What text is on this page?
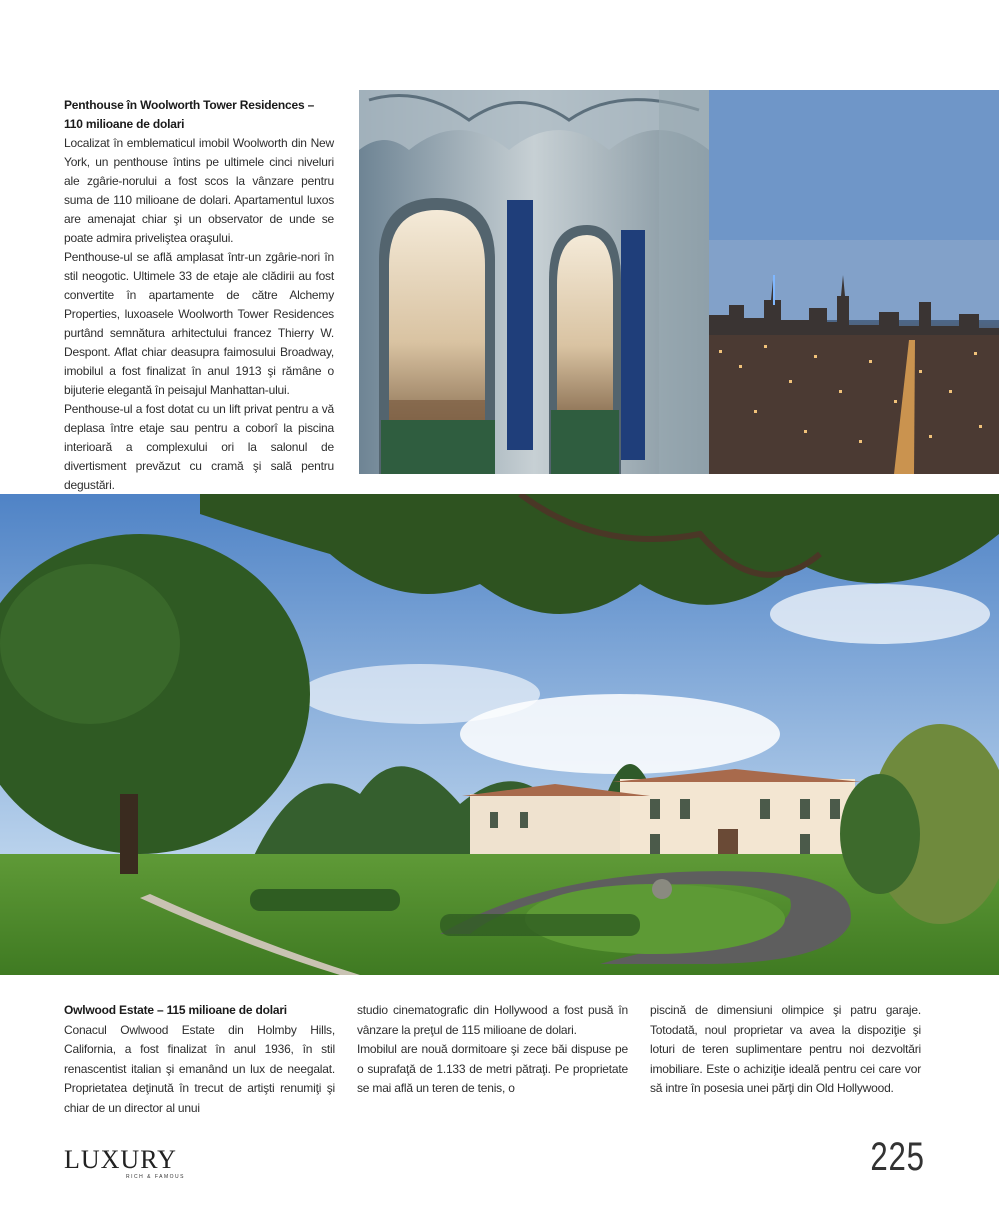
Penthouse în Woolworth Tower Residences – 110 milioane de dolari

Localizat în emblematicul imobil Woolworth din New York, un penthouse întins pe ultimele cinci niveluri ale zgârie-norului a fost scos la vânzare pentru suma de 110 milioane de dolari. Apartamentul luxos are amenajat chiar şi un observator de unde se poate admira priveliştea oraşului.

Penthouse-ul se află amplasat într-un zgârie-nori în stil neogotic. Ultimele 33 de etaje ale clădirii au fost convertite în apartamente de către Alchemy Properties, luxoasele Woolworth Tower Residences purtând semnătura arhitectului francez Thierry W. Despont. Aflat chiar deasupra faimosului Broadway, imobilul a fost finalizat în anul 1913 şi rămâne o bijuterie elegantă în peisajul Manhattan-ului.

Penthouse-ul a fost dotat cu un lift privat pentru a vă deplasa între etaje sau pentru a coborî la piscina interioară a complexului ori la salonul de divertisment prevăzut cu cramă şi sală pentru degustări.

Owlwood Estate – 115 milioane de dolari

Conacul Owlwood Estate din Holmby Hills, California, a fost finalizat în anul 1936, în stil renascentist italian şi emanând un lux de neegalat. Proprietatea deţinută în trecut de artişti renumiţi şi chiar de un director al unui

studio cinematografic din Hollywood a fost pusă în vânzare la preţul de 115 milioane de dolari.

Imobilul are nouă dormitoare şi zece băi dispuse pe o suprafaţă de 1.133 de metri pătraţi. Pe proprietate se mai află un teren de tenis, o

piscină de dimensiuni olimpice şi patru garaje. Totodată, noul proprietar va avea la dispoziţie şi loturi de teren suplimentare pentru noi dezvoltări imobiliare. Este o achiziţie ideală pentru cei care vor să intre în posesia unei părţi din Old Hollywood.

LUXURY
RICH & FAMOUS	225
